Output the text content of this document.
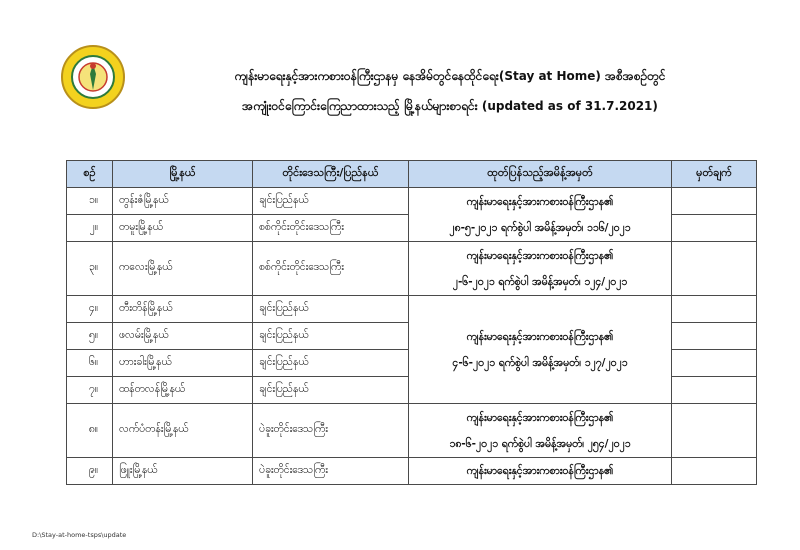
ကျန်းမာရေးနှင့်အားကစားဝန်ကြီးဌာနမှ နေအိမ်တွင်နေထိုင်ရေး(Stay at Home) အစီအစဉ်တွင်
အကျုံးဝင်ကြောင်းကြေညာထားသည့် မြို့နယ်များစာရင်း (updated as of 31.7.2021)
စဉ်	မြို့နယ်	တိုင်းဒေသကြီး/ပြည်နယ်	ထုတ်ပြန်သည့်အမိန့်အမှတ်	မှတ်ချက်
၁။	တွန်းဇံမြို့နယ်	ချင်းပြည်နယ်	ကျန်းမာရေးနှင့်အားကစားဝန်ကြီးဌာန၏
၂၈-၅-၂၀၂၁ ရက်စွဲပါ အမိန့်အမှတ်၊ ၁၁၆/၂၀၂၁	

၂။	တမူးမြို့နယ်	စစ်ကိုင်းတိုင်းဒေသကြီး		
၃။	ကလေးမြို့နယ်	စစ်ကိုင်းတိုင်းဒေသကြီး	ကျန်းမာရေးနှင့်အားကစားဝန်ကြီးဌာန၏
၂-၆-၂၀၂၁ ရက်စွဲပါ အမိန့်အမှတ်၊ ၁၂၄/၂၀၂၁	

၄။	တီးတိန်မြို့နယ်	ချင်းပြည်နယ်	ကျန်းမာရေးနှင့်အားကစားဝန်ကြီးဌာန၏
၄-၆-၂၀၂၁ ရက်စွဲပါ အမိန့်အမှတ်၊ ၁၂၇/၂၀၂၁	

၅။	ဖလမ်းမြို့နယ်	ချင်းပြည်နယ်		
၆။	ဟားခါးမြို့နယ်	ချင်းပြည်နယ်		
၇။	ထန်တလန်မြို့နယ်	ချင်းပြည်နယ်		
၈။	လက်ပံတန်းမြို့နယ်	ပဲခူးတိုင်းဒေသကြီး	ကျန်းမာရေးနှင့်အားကစားဝန်ကြီးဌာန၏
၁၈-၆-၂၀၂၁ ရက်စွဲပါ အမိန့်အမှတ်၊ ၂၅၄/၂၀၂၁	

၉။	ဖြူးမြို့နယ်	ပဲခူးတိုင်းဒေသကြီး	ကျန်းမာရေးနှင့်အားကစားဝန်ကြီးဌာန၏	

D:\Stay-at-home-tsps\update
